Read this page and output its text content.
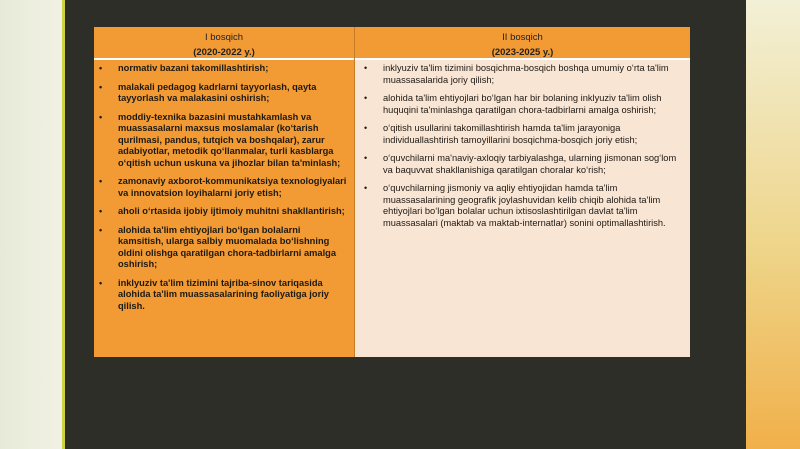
I bosqich
(2020-2022 y.)
• normativ bazani takomillashtirish;
• malakali pedagog kadrlarni tayyorlash, qayta tayyorlash va malakasini oshirish;
• moddiy-texnika bazasini mustahkamlash va muassasalarni maxsus moslamalar (ko‘tarish qurilmasi, pandus, tutqich va boshqalar), zarur adabiyotlar, metodik qo‘llanmalar, turli kasblarga o‘qitish uchun uskuna va jihozlar bilan ta'minlash;
• zamonaviy axborot-kommunikatsiya texnologiyalari va innovatsion loyihalarni joriy etish;
• aholi o‘rtasida ijobiy ijtimoiy muhitni shakllantirish;
• alohida ta'lim ehtiyojlari bo‘lgan bolalarni kamsitish, ularga salbiy muomalada bo‘lishning oldini olishga qaratilgan chora-tadbirlarni amalga oshirish;
• inklyuziv ta'lim tizimini tajriba-sinov tariqasida alohida ta'lim muassasalarining faoliyatiga joriy qilish.
II bosqich
(2023-2025 y.)
• inklyuziv ta'lim tizimini bosqichma-bosqich boshqa umumiy o‘rta ta'lim muassasalarida joriy qilish;
• alohida ta'lim ehtiyojlari bo‘lgan har bir bolaning inklyuziv ta'lim olish huquqini ta'minlashga qaratilgan chora-tadbirlarni amalga oshirish;
• o‘qitish usullarini takomillashtirish hamda ta'lim jarayoniga individuallashtirish tamoyillarini bosqichma-bosqich joriy etish;
• o‘quvchilarni ma'naviy-axloqiy tarbiyalashga, ularning jismonan sog‘lom va baquvvat shakllanishiga qaratilgan choralar ko‘rish;
• o‘quvchilarning jismoniy va aqliy ehtiyojidan hamda ta'lim muassasalarining geografik joylashuvidan kelib chiqib alohida ta'lim ehtiyojlari bo‘lgan bolalar uchun ixtisoslashtirilgan davlat ta'lim muassasalari (maktab va maktab-internatlar) sonini optimallashtirish.
